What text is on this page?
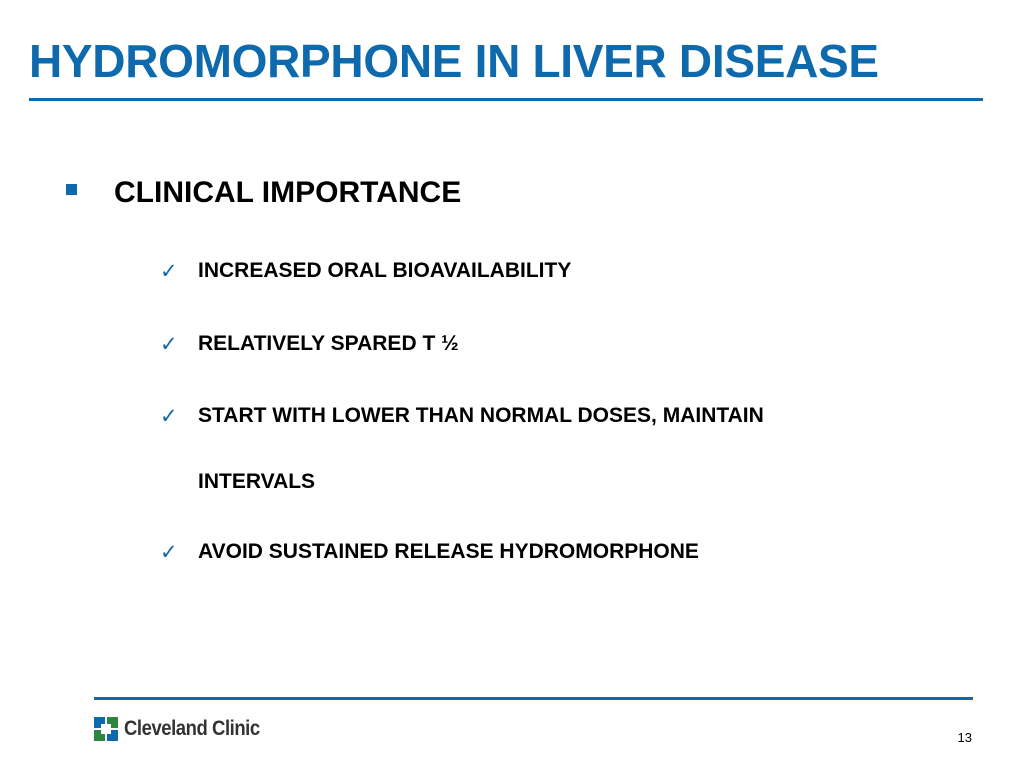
HYDROMORPHONE IN LIVER DISEASE
CLINICAL IMPORTANCE
✓ INCREASED ORAL BIOAVAILABILITY
✓ RELATIVELY SPARED T ½
✓ START WITH LOWER THAN NORMAL DOSES, MAINTAIN
INTERVALS
✓ AVOID SUSTAINED RELEASE HYDROMORPHONE
Cleveland Clinic	13
